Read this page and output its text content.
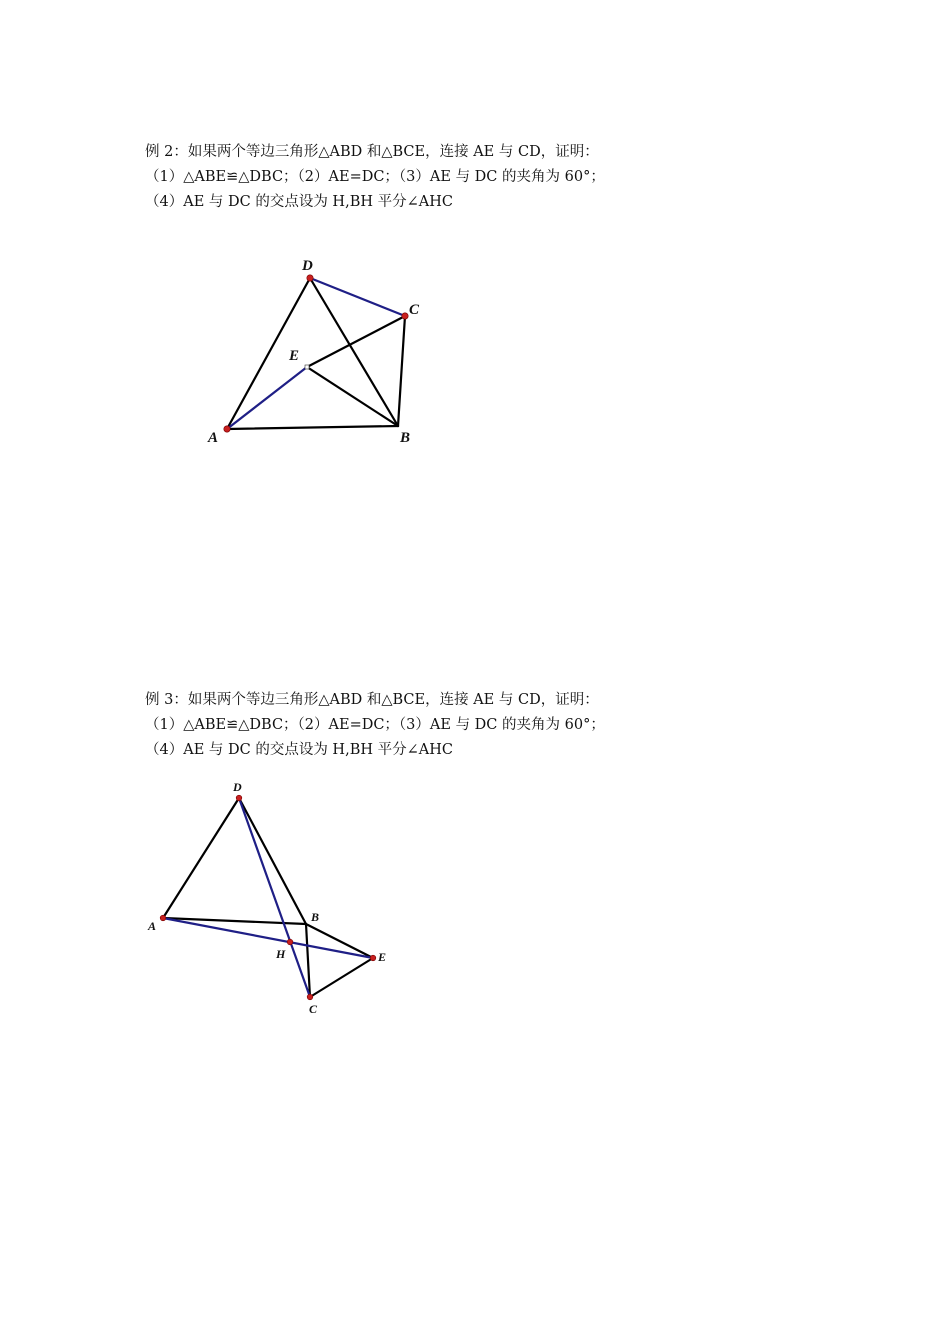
例 2：如果两个等边三角形△ABD 和△BCE，连接 AE 与 CD，证明：
（1）△ABE≌△DBC；（2）AE=DC；（3）AE 与 DC 的夹角为 60°；
（4）AE 与 DC 的交点设为 H,BH 平分∠AHC
D
C
E
A	B
D
A
B
H	E
C
例 3：如果两个等边三角形△ABD 和△BCE，连接 AE 与 CD，证明：
（1）△ABE≌△DBC；（2）AE=DC；（3）AE 与 DC 的夹角为 60°；
（4）AE 与 DC 的交点设为 H,BH 平分∠AHC
